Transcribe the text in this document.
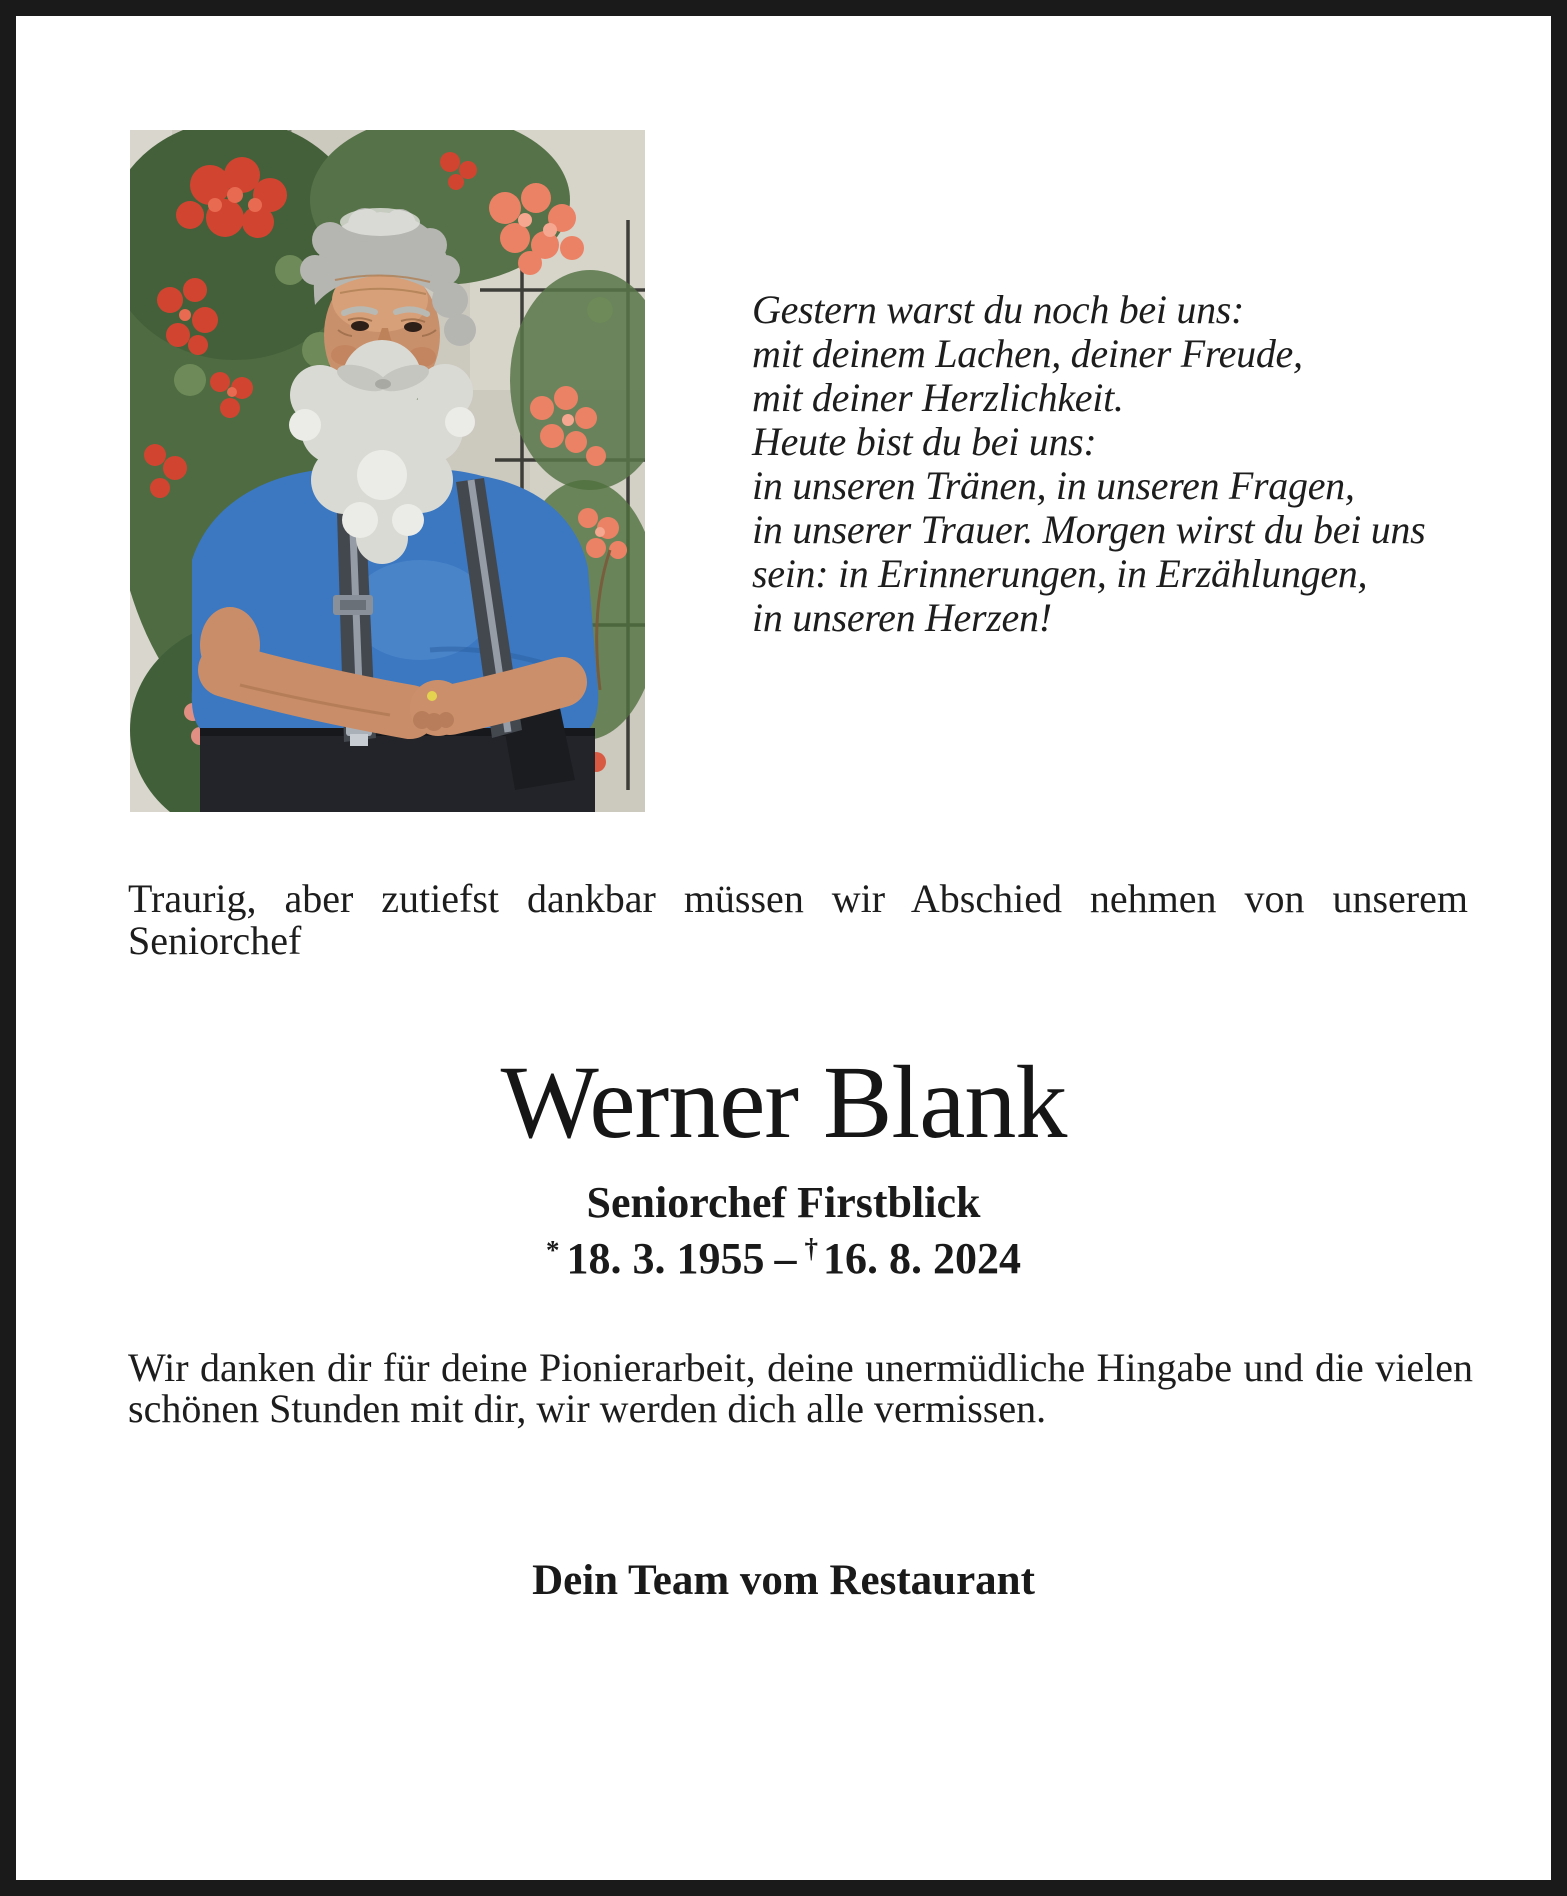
Gestern warst du noch bei uns:
mit deinem Lachen, deiner Freude,
mit deiner Herzlichkeit.
Heute bist du bei uns:
in unseren Tränen, in unseren Fragen,
in unserer Trauer. Morgen wirst du bei uns
sein: in Erinnerungen, in Erzählungen,
in unseren Herzen!
Traurig, aber zutiefst dankbar müssen wir Abschied nehmen von unserem Seniorchef
Werner Blank
Seniorchef Firstblick
* 18. 3. 1955 – † 16. 8. 2024
Wir danken dir für deine Pionierarbeit, deine unermüdliche Hingabe und die vielen schönen Stunden mit dir, wir werden dich alle vermissen.
Dein Team vom Restaurant
